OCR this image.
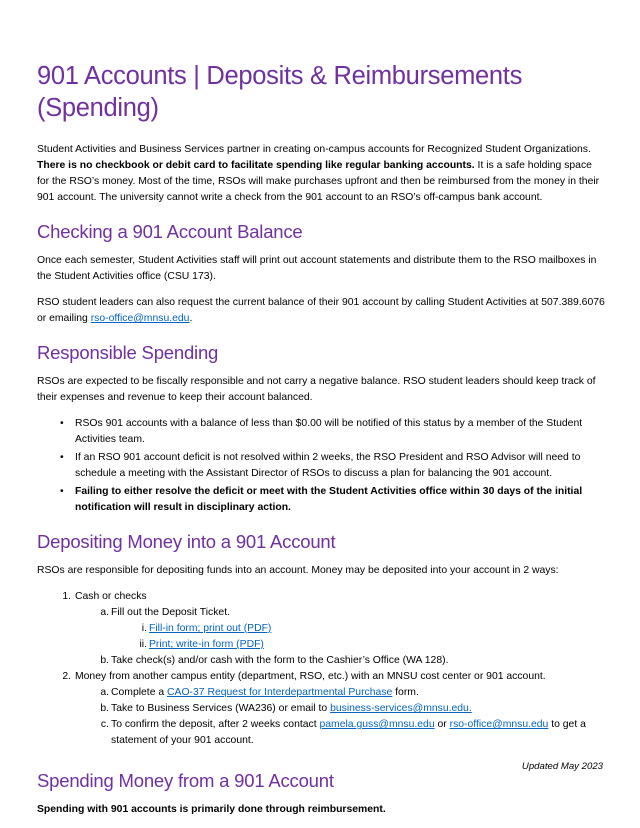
901 Accounts | Deposits & Reimbursements (Spending)

Student Activities and Business Services partner in creating on-campus accounts for Recognized Student Organizations. There is no checkbook or debit card to facilitate spending like regular banking accounts. It is a safe holding space for the RSO’s money. Most of the time, RSOs will make purchases upfront and then be reimbursed from the money in their 901 account. The university cannot write a check from the 901 account to an RSO’s off-campus bank account.

Checking a 901 Account Balance

Once each semester, Student Activities staff will print out account statements and distribute them to the RSO mailboxes in the Student Activities office (CSU 173).

RSO student leaders can also request the current balance of their 901 account by calling Student Activities at 507.389.6076 or emailing rso-office@mnsu.edu.

Responsible Spending

RSOs are expected to be fiscally responsible and not carry a negative balance. RSO student leaders should keep track of their expenses and revenue to keep their account balanced.

• RSOs 901 accounts with a balance of less than $0.00 will be notified of this status by a member of the Student Activities team.
• If an RSO 901 account deficit is not resolved within 2 weeks, the RSO President and RSO Advisor will need to schedule a meeting with the Assistant Director of RSOs to discuss a plan for balancing the 901 account.
• Failing to either resolve the deficit or meet with the Student Activities office within 30 days of the initial notification will result in disciplinary action.
Depositing Money into a 901 Account

RSOs are responsible for depositing funds into an account. Money may be deposited into your account in 2 ways:

1. Cash or checks
a. Fill out the Deposit Ticket.
i. Fill-in form; print out (PDF)
ii. Print; write-in form (PDF)
b. Take check(s) and/or cash with the form to the Cashier’s Office (WA 128).
2. Money from another campus entity (department, RSO, etc.) with an MNSU cost center or 901 account.
a. Complete a CAO-37 Request for Interdepartmental Purchase form.
b. Take to Business Services (WA236) or email to business-services@mnsu.edu.
c. To confirm the deposit, after 2 weeks contact pamela.guss@mnsu.edu or rso-office@mnsu.edu to get a statement of your 901 account.
Spending Money from a 901 Account

Spending with 901 accounts is primarily done through reimbursement.

Updated May 2023
